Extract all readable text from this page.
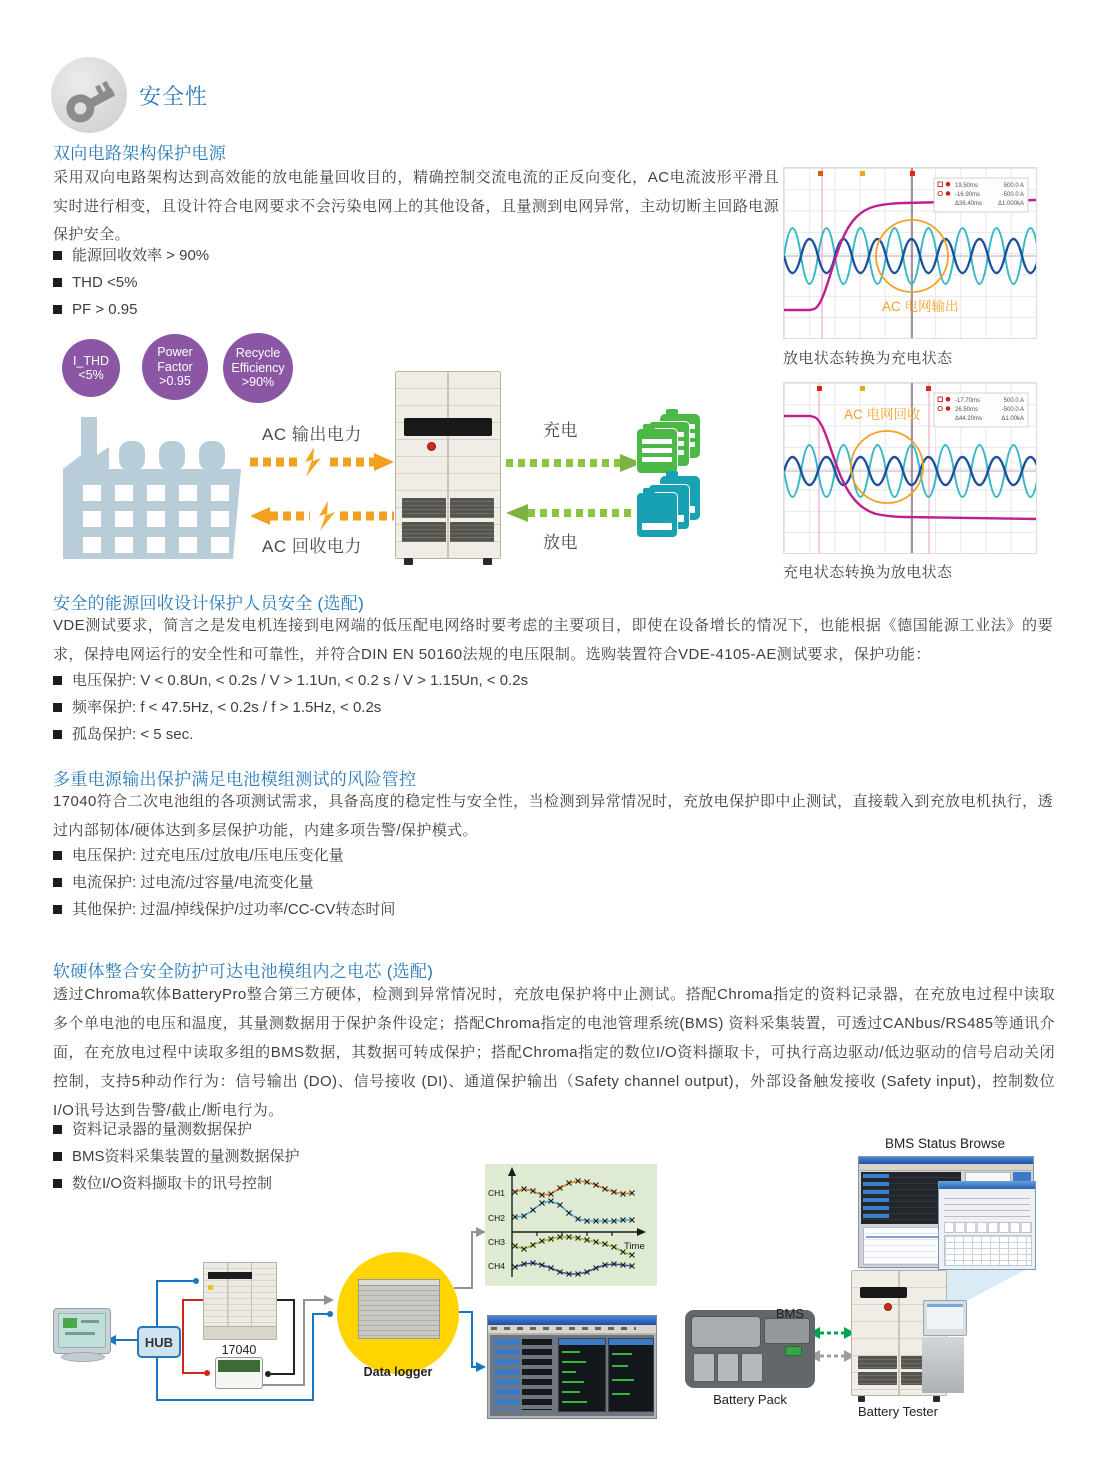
安全性
双向电路架构保护电源
采用双向电路架构达到高效能的放电能量回收目的，精确控制交流电流的正反向变化，AC电流波形平滑且实时进行相变，且设计符合电网要求不会污染电网上的其他设备，且量测到电网异常，主动切断主回路电源保护安全。
能源回收效率 > 90%
THD <5%
PF > 0.95
I_THD
<5%
Power
Factor
>0.95
Recycle
Efficiency
>90%
AC 输出电力
AC 回收电力
充电
放电
AC 电网输出
19.50ms	500.0 A
-16.90ms	-500.0 A
Δ36.40ms	Δ1.000kA
放电状态转换为充电状态
AC 电网回收
-17.70ms	500.0 A
26.50ms	-500.0 A
Δ44.20ms	Δ1.00kA
充电状态转换为放电状态
安全的能源回收设计保护人员安全 (选配)
VDE测试要求，简言之是发电机连接到电网端的低压配电网络时要考虑的主要项目，即使在设备增长的情况下，也能根据《德国能源工业法》的要求，保持电网运行的安全性和可靠性，并符合DIN EN 50160法规的电压限制。选购装置符合VDE-4105-AE测试要求，保护功能：
电压保护: V < 0.8Un, < 0.2s / V > 1.1Un, < 0.2 s / V > 1.15Un, < 0.2s
频率保护: f < 47.5Hz, < 0.2s / f > 1.5Hz, < 0.2s
孤岛保护: < 5 sec.
多重电源输出保护满足电池模组测试的风险管控
17040符合二次电池组的各项测试需求，具备高度的稳定性与安全性，当检测到异常情况时，充放电保护即中止测试，直接载入到充放电机执行，透过内部韧体/硬体达到多层保护功能，内建多项告警/保护模式。
电压保护: 过充电压/过放电/压电压变化量
电流保护: 过电流/过容量/电流变化量
其他保护: 过温/掉线保护/过功率/CC-CV转态时间
软硬体整合安全防护可达电池模组内之电芯 (选配)
透过Chroma软体BatteryPro整合第三方硬体，检测到异常情况时，充放电保护将中止测试。搭配Chroma指定的资料记录器，在充放电过程中读取多个单电池的电压和温度，其量测数据用于保护条件设定；搭配Chroma指定的电池管理系统(BMS) 资料采集装置，可透过CANbus/RS485等通讯介面，在充放电过程中读取多组的BMS数据，其数据可转成保护；搭配Chroma指定的数位I/O资料撷取卡，可执行高边驱动/低边驱动的信号启动关闭控制，支持5种动作行为：信号输出 (DO)、信号接收 (DI)、通道保护输出（Safety channel output)，外部设备触发接收 (Safety input)，控制数位I/O讯号达到告警/截止/断电行为。
资料记录器的量测数据保护
BMS资料采集装置的量测数据保护
数位I/O资料撷取卡的讯号控制
HUB
17040
Data logger
CH1
CH2
CH3
CH4
Time
BMS Status Browse
BMS
Battery Pack
Battery Tester
